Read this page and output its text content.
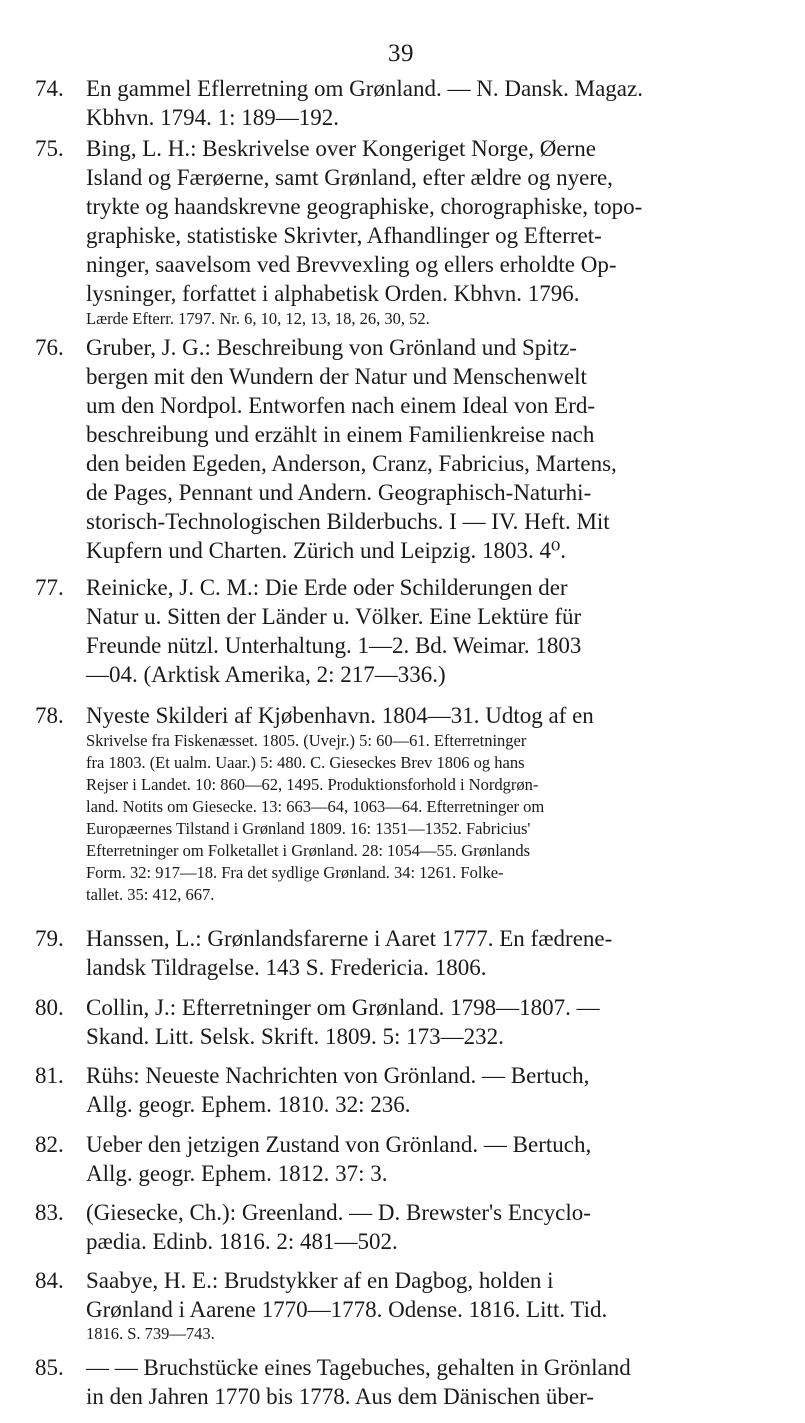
39
74. En gammel Eflerretning om Grønland. — N. Dansk. Magaz.
Kbhvn. 1794. 1: 189—192.
75. Bing, L. H.: Beskrivelse over Kongeriget Norge, Øerne
Island og Færøerne, samt Grønland, efter ældre og nyere,
trykte og haandskrevne geographiske, chorographiske, topo-
graphiske, statistiske Skrivter, Afhandlinger og Efterret-
ninger, saavelsom ved Brevvexling og ellers erholdte Op-
lysninger, forfattet i alphabetisk Orden. Kbhvn. 1796.
Lærde Efterr. 1797. Nr. 6, 10, 12, 13, 18, 26, 30, 52.
76. Gruber, J. G.: Beschreibung von Grönland und Spitz-
bergen mit den Wundern der Natur und Menschenwelt
um den Nordpol. Entworfen nach einem Ideal von Erd-
beschreibung und erzählt in einem Familienkreise nach
den beiden Egeden, Anderson, Cranz, Fabricius, Martens,
de Pages, Pennant und Andern. Geographisch-Naturhi-
storisch-Technologischen Bilderbuchs. I — IV. Heft. Mit
Kupfern und Charten. Zürich und Leipzig. 1803. 4⁰.
77. Reinicke, J. C. M.: Die Erde oder Schilderungen der
Natur u. Sitten der Länder u. Völker. Eine Lektüre für
Freunde nützl. Unterhaltung. 1—2. Bd. Weimar. 1803
—04. (Arktisk Amerika, 2: 217—336.)
78. Nyeste Skilderi af Kjøbenhavn. 1804—31. Udtog af en
Skrivelse fra Fiskenæsset. 1805. (Uvejr.) 5: 60—61. Efterretninger
fra 1803. (Et ualm. Uaar.) 5: 480. C. Gieseckes Brev 1806 og hans
Rejser i Landet. 10: 860—62, 1495. Produktionsforhold i Nordgrøn-
land. Notits om Giesecke. 13: 663—64, 1063—64. Efterretninger om
Europæernes Tilstand i Grønland 1809. 16: 1351—1352. Fabricius'
Efterretninger om Folketallet i Grønland. 28: 1054—55. Grønlands
Form. 32: 917—18. Fra det sydlige Grønland. 34: 1261. Folke-
tallet. 35: 412, 667.
79. Hanssen, L.: Grønlandsfarerne i Aaret 1777. En fædrene-
landsk Tildragelse. 143 S. Fredericia. 1806.
80. Collin, J.: Efterretninger om Grønland. 1798—1807. —
Skand. Litt. Selsk. Skrift. 1809. 5: 173—232.
81. Rühs: Neueste Nachrichten von Grönland. — Bertuch,
Allg. geogr. Ephem. 1810. 32: 236.
82. Ueber den jetzigen Zustand von Grönland. — Bertuch,
Allg. geogr. Ephem. 1812. 37: 3.
83. (Giesecke, Ch.): Greenland. — D. Brewster's Encyclo-
pædia. Edinb. 1816. 2: 481—502.
84. Saabye, H. E.: Brudstykker af en Dagbog, holden i
Grønland i Aarene 1770—1778. Odense. 1816. Litt. Tid.
1816. S. 739—743.
85. — — Bruchstücke eines Tagebuches, gehalten in Grönland
in den Jahren 1770 bis 1778. Aus dem Dänischen über-
